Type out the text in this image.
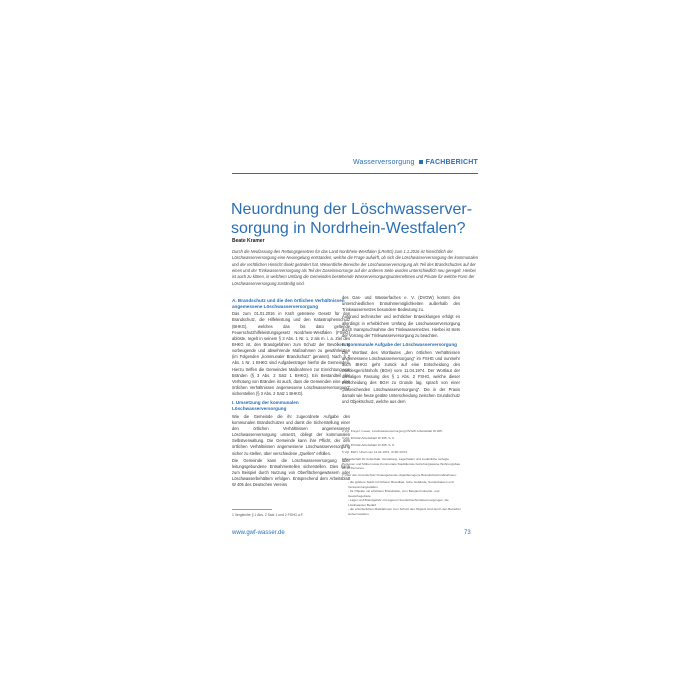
Wasserversorgung FACHBERICHT
Neuordnung der Löschwasserver-sorgung in Nordrhein-Westfalen?
Beate Kramer

Durch die Neufassung des Rettungsgesetzes für das Land Nordrhein-Westfalen (LRettG) zum 1.1.2016 ist hinsichtlich der Löschwasserversorgung eine Neuregelung entstanden, welche die Frage aufwirft, ob sich die Löschwasserversorgung der kommunalen und der rechtlichen Hinsicht direkt geändert hat. Wesentliche Bereiche der Löschwasserversorgung als Teil des Brandschutzes auf der einen und der Trinkwasserversorgung als Teil der Daseinsvorsorge auf der anderen Seite wurden unterschiedlich neu geregelt. Hierbei ist auch zu klären, in welchem Umfang die Gemeinden bestehende Wasserversorgungsunternehmen und Private für welche Form der Löschwasserversorgung zuständig sind.

A. Brandschutz und die den örtlichen Verhältnissen angemessene Löschwasserversorgung

Das zum 01.01.2016 in Kraft getretene Gesetz für den Brandschutz, die Hilfeleistung und den Katastrophenschutz (BHKG), welches das bis dato geltende Feuerschutzhilfeleistungsgesetz Nordrhein-Westfalen (FSHG) ablöste, regelt in seinem § 3 Abs. 1 Nr. 1, 2 als m. i. a. Ziel des BHKG ist, den Brandgefahren zum Schutz der Bevölkerung vorbeugende und abwehrende Maßnahmen zu gewährleisten (im Folgenden „kommunaler Brandschutz“ genannt). Nach § 2 Abs. 1 Nr. 1 BHKG sind Aufgabenträger hierfür die Gemeinden. Hierzu treffen die Gemeinden Maßnahmen zur Einrichtung von Bränden (§ 3 Abs. 2 Satz 1 BHKG). Ein Bestandteil der Verhütung von Bränden ist auch, dass die Gemeinden eine „den örtlichen Verhältnissen angemessene Löschwasserversorgung“ sicherstellen (§ 3 Abs. 2 Satz 1 BHKG).

I. Umsetzung der kommunalen Löschwasserversorgung

Wie die Gemeinde die ihr zugeordnete Aufgabe des kommunalen Brandschutzes und damit die Sicherstellung einer den örtlichen Verhältnissen angemessenen Löschwasserversorgung umsetzt, obliegt der kommunalen Selbstverwaltung. Die Gemeinde kann ihre Pflicht, der den örtlichen Verhältnissen angemessene Löschwasserversorgung sicher zu stellen, über verschiedene „Quellen“ erfüllen.

Die Gemeinde kann die Löschwasserversorgung über leitungsgebundene Entnahmestellen sicherstellen. Dies kann zum Beispiel durch Nutzung von Oberflächengewässern oder Löschwasserbehältern erfolgen. Entsprechend dem Arbeitsblatt W 405 des Deutschen Vereins

des Gas- und Wasserfaches e. V. (DVGW) kommt den unterschiedlichen Entnahmemöglichkeiten außerhalb des Trinkwassernetzes besondere Bedeutung zu.

Aufgrund technischer und rechtlicher Entwicklungen erfolgt es allerdings in erheblichem Umfang die Löschwasserversorgung durch Inanspruchnahme des Trinkwassernetzes. Hierbei ist stets der Vorrang der Trinkwasserversorgung zu beachten.

II. Kommunale Aufgabe der Löschwasserversorgung

Der Wortlaut des Wortlautes „den örtlichen Verhältnissen angemessene Löschwasserversorgung“ im FSHG und nunmehr auch BHKG geht zurück auf eine Entscheidung des Bundesgerichtshofs (BGH) vom 11.04.1974. Der Wortlaut der damaligen Fassung des § 1 Abs. 2 FSHG, welche dieser Entscheidung des BGH zu Grunde lag, sprach von einer „ausreichenden Löschwasserversorgung“. Die in der Praxis damals wie heute geübte Unterscheidung zwischen Grundschutz und Objektschutz, welche aus dem

1 Vergleiche § 1 Abs. 2 Satz 1 und 2 FSHG a.F.
2 Vgl. Kreyer / Lauer, Löschwasserversorgung DVGW Arbeitsblatt W 405.
3 Vgl. DVGW-Arbeitsblatt W 405, S. 6.
4 Vgl. DVGW-Arbeitsblatt W 405, S. 8.
5 Vgl. BGH, Urteil vom 11.04.1974, III ZR 20/72.
6 Bereitschaft für Aufenthalt, Verwaltung, Lagerhallen und zusätzliche verlegte Personen und Möbel sowie Kommunale Stadtdienste beziehungsweise Wohnungsbau ab 18 Personen.
7 Über den Grundschutz hinausgehende objektbezogene Brandschutzmaßnahmen:
- die größere Stadt mit höherer Brandlast, hohe Gebäude, Sonderbauten und Versammlungsstätten
- für Objekte mit erhöhtem Brandrisiko, zum Beispiel Industrie- und Gewerbegebiete
- Lager und Brandgefahr mit eigenen Sonderlöschmittelversorgungen, die Löschwasser Bedarf
- die erforderlichen Maßnahmen zum Schutz des Objekts sind durch den Betreiber sicherzustellen.
www.gwf-wasser.de	73
